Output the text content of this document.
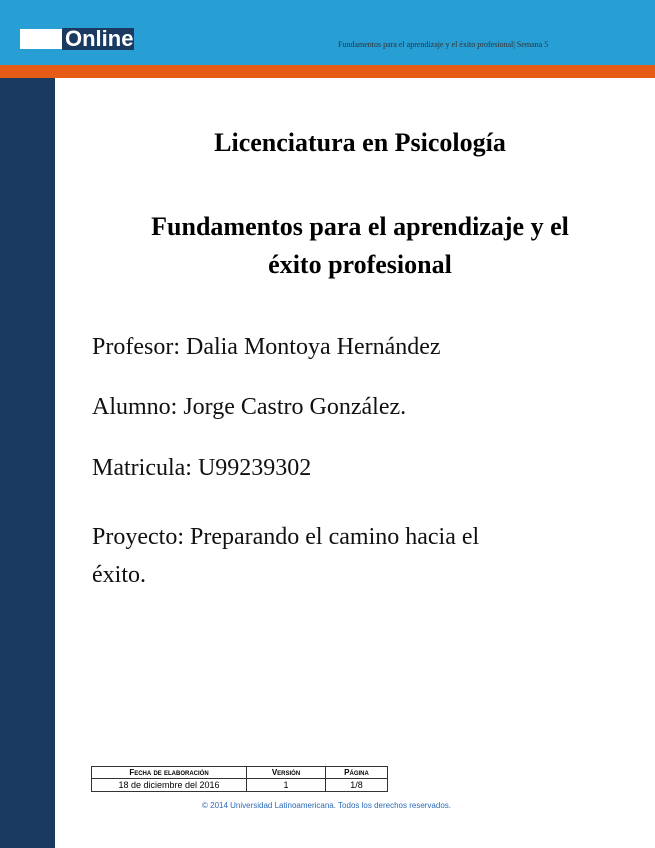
Online	Fundamentos para el aprendizaje y el éxito profesional| Semana 5
Licenciatura en Psicología
Fundamentos para el aprendizaje y el
éxito profesional
Profesor: Dalia Montoya Hernández
Alumno: Jorge Castro González.
Matricula: U99239302
Proyecto: Preparando el camino hacia el
éxito.
Fecha de elaboración	Versión	Página
18 de diciembre del 2016	1	1/8
© 2014 Universidad Latinoamericana. Todos los derechos reservados.
